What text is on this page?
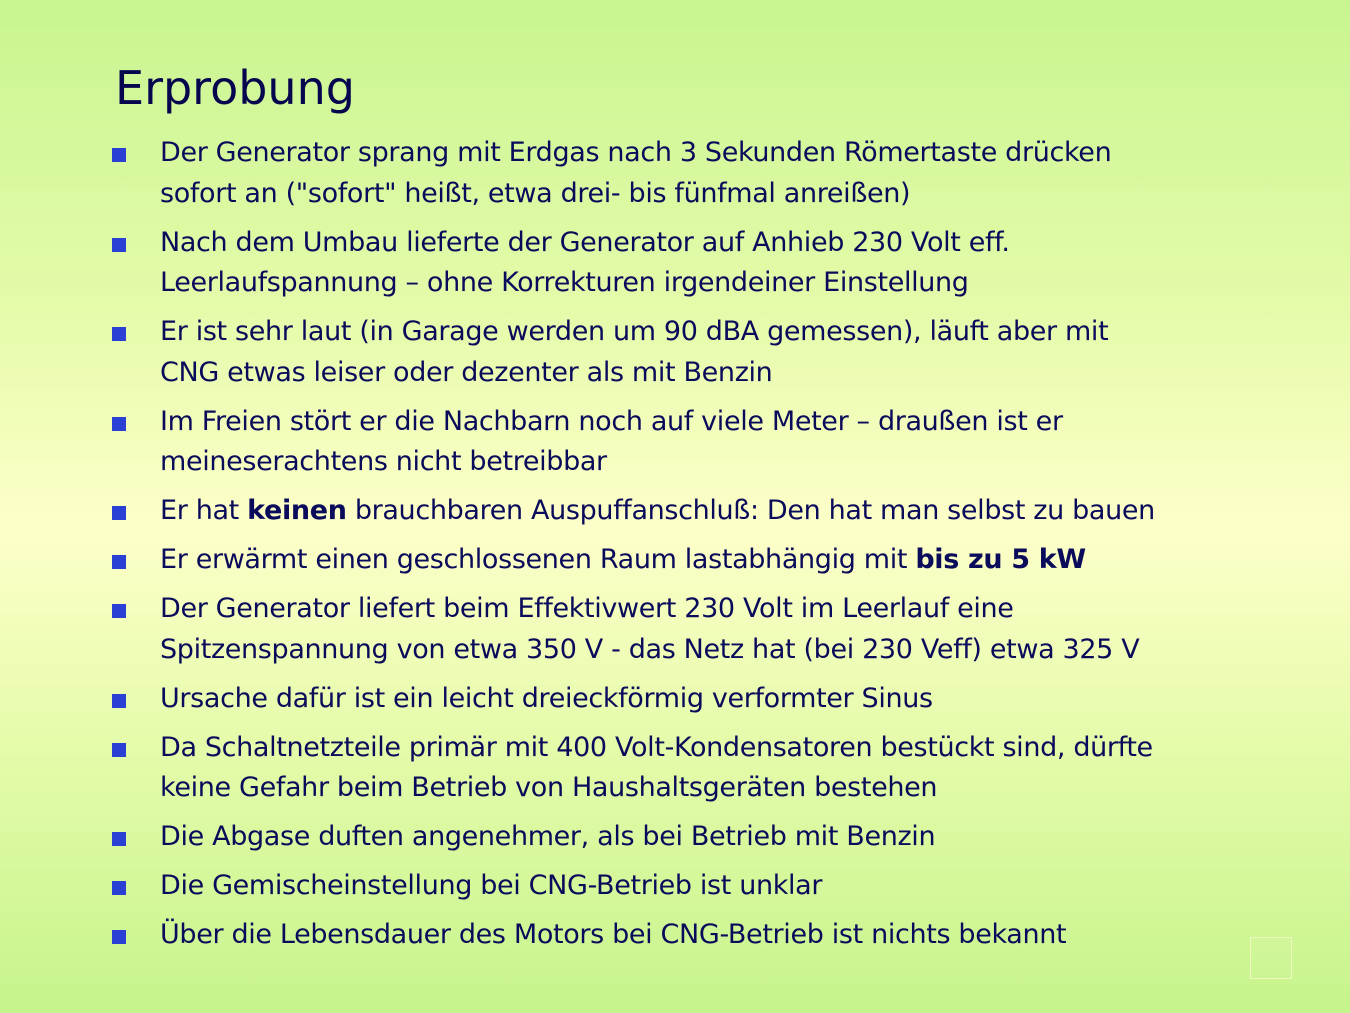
Erprobung
Der Generator sprang mit Erdgas nach 3 Sekunden Römertaste drücken
sofort an ("sofort" heißt, etwa drei- bis fünfmal anreißen)
Nach dem Umbau lieferte der Generator auf Anhieb 230 Volt eff.
Leerlaufspannung – ohne Korrekturen irgendeiner Einstellung
Er ist sehr laut (in Garage werden um 90 dBA gemessen), läuft aber mit
CNG etwas leiser oder dezenter als mit Benzin
Im Freien stört er die Nachbarn noch auf viele Meter – draußen ist er
meineserachtens nicht betreibbar
Er hat keinen brauchbaren Auspuffanschluß: Den hat man selbst zu bauen
Er erwärmt einen geschlossenen Raum lastabhängig mit bis zu 5 kW
Der Generator liefert beim Effektivwert 230 Volt im Leerlauf eine
Spitzenspannung von etwa 350 V - das Netz hat (bei 230 Veff) etwa 325 V
Ursache dafür ist ein leicht dreieckförmig verformter Sinus
Da Schaltnetzteile primär mit 400 Volt-Kondensatoren bestückt sind, dürfte
keine Gefahr beim Betrieb von Haushaltsgeräten bestehen
Die Abgase duften angenehmer, als bei Betrieb mit Benzin
Die Gemischeinstellung bei CNG-Betrieb ist unklar
Über die Lebensdauer des Motors bei CNG-Betrieb ist nichts bekannt
